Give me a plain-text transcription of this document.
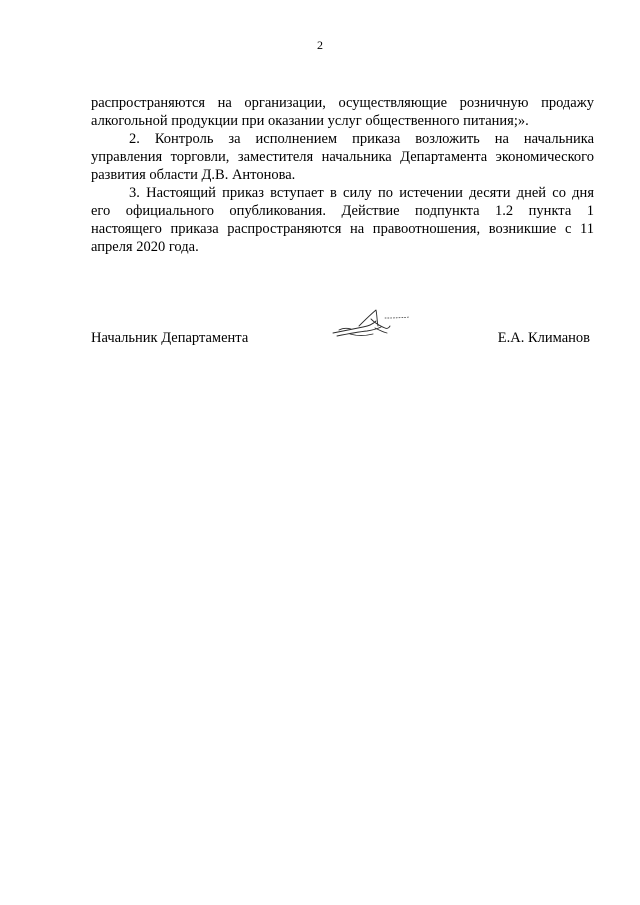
2
распространяются на организации, осуществляющие розничную продажу
алкогольной продукции при оказании услуг общественного питания;».
2. Контроль за исполнением приказа возложить на начальника
управления торговли, заместителя начальника Департамента экономического
развития области Д.В. Антонова.
3. Настоящий приказ вступает в силу по истечении десяти дней со дня
его официального опубликования. Действие подпункта 1.2 пункта 1
настоящего приказа распространяются на правоотношения, возникшие с 11
апреля 2020 года.
Начальник Департамента	Е.А. Климанов
